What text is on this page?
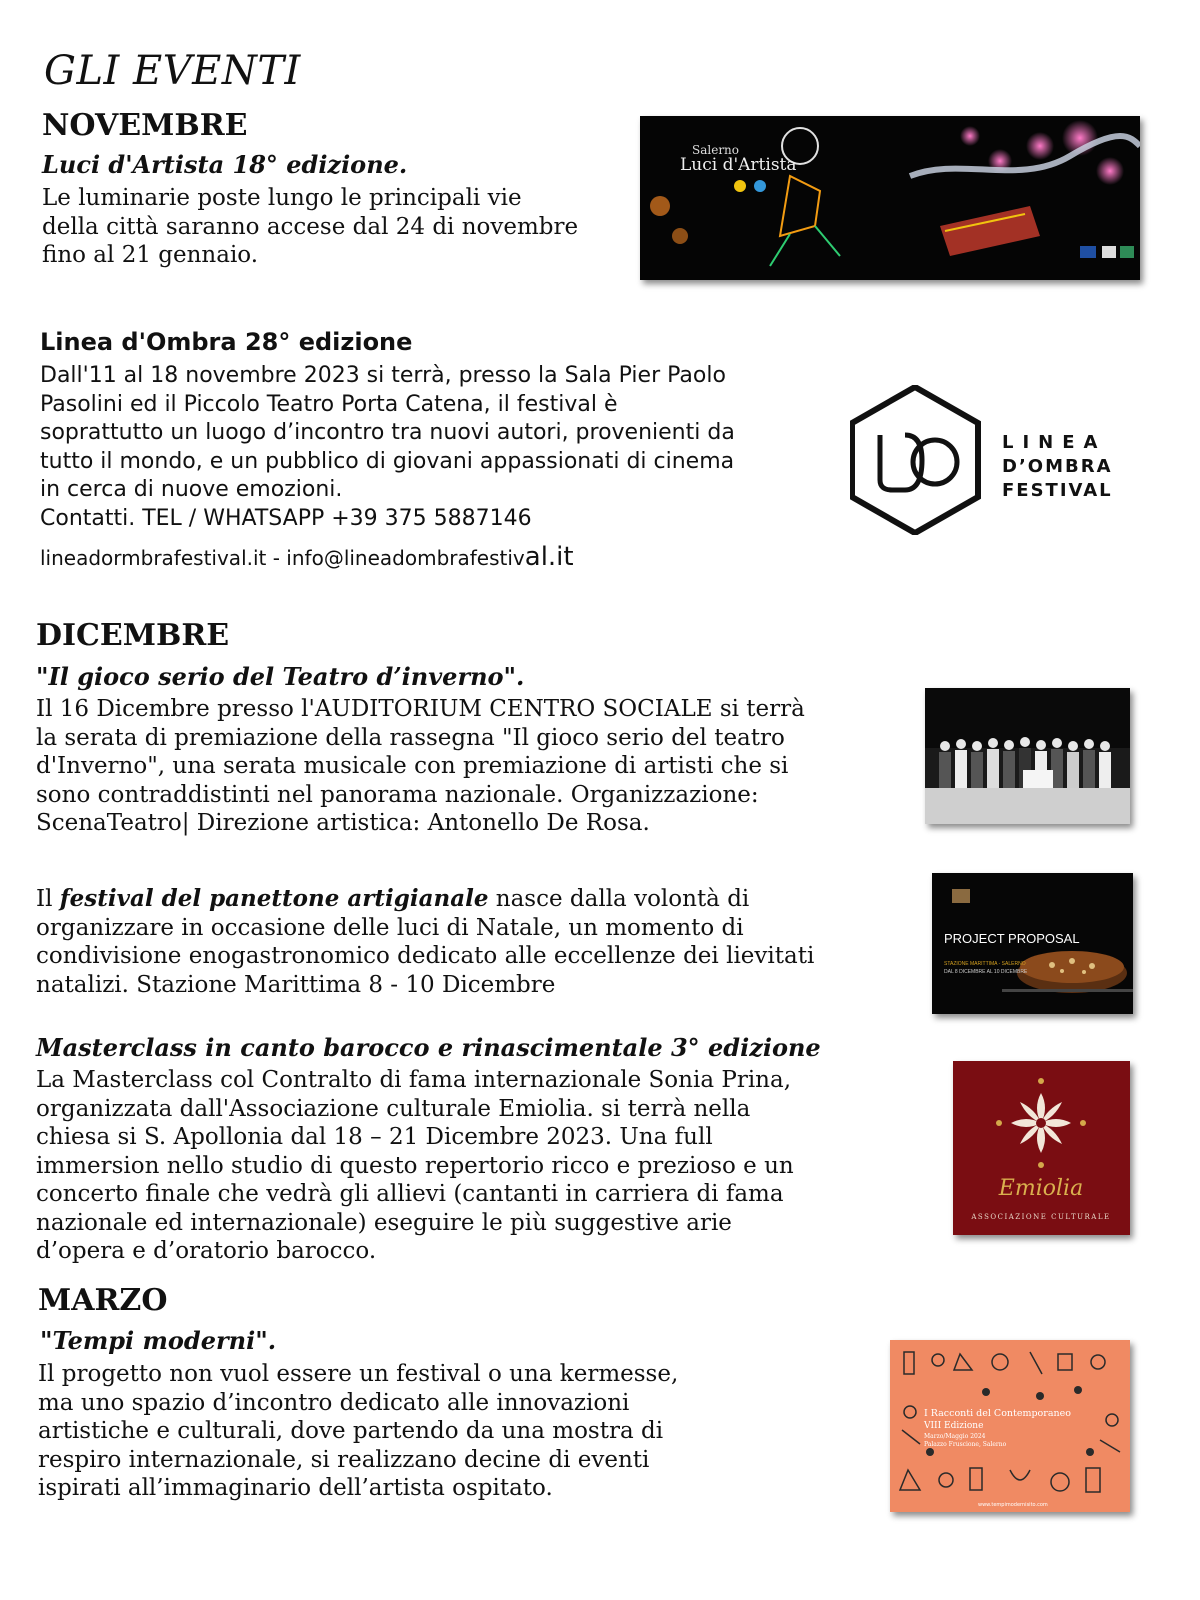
GLI EVENTI
NOVEMBRE
Luci d'Artista 18° edizione.
Le luminarie poste lungo le principali vie
della città saranno accese dal 24 di novembre
fino al 21 gennaio.
Salerno
Luci d'Artista
Linea d'Ombra 28° edizione
Dall'11 al 18 novembre 2023 si terrà, presso la Sala Pier Paolo
Pasolini ed il Piccolo Teatro Porta Catena, il festival è
soprattutto un luogo d’incontro tra nuovi autori, provenienti da
tutto il mondo, e un pubblico di giovani appassionati di cinema
in cerca di nuove emozioni.
Contatti. TEL / WHATSAPP +39 375 5887146
lineadormbrafestival.it - info@lineadombrafestival.it
LINEA
D’OMBRA
FESTIVAL
DICEMBRE
"Il gioco serio del Teatro d’inverno".
Il 16 Dicembre presso l'AUDITORIUM CENTRO SOCIALE si terrà
la serata di premiazione della rassegna "Il gioco serio del teatro
d'Inverno", una serata musicale con premiazione di artisti che si
sono contraddistinti nel panorama nazionale. Organizzazione:
ScenaTeatro| Direzione artistica: Antonello De Rosa.
Il festival del panettone artigianale nasce dalla volontà di
organizzare in occasione delle luci di Natale, un momento di
condivisione enogastronomico dedicato alle eccellenze dei lievitati
natalizi. Stazione Marittima 8 - 10 Dicembre
PROJECT PROPOSAL
STAZIONE MARITTIMA - SALERNO
DAL 8 DICEMBRE AL 10 DICEMBRE
Masterclass in canto barocco e rinascimentale 3° edizione
La Masterclass col Contralto di fama internazionale Sonia Prina,
organizzata dall'Associazione culturale Emiolia. si terrà nella
chiesa si S. Apollonia dal 18 – 21 Dicembre 2023. Una full
immersion nello studio di questo repertorio ricco e prezioso e un
concerto finale che vedrà gli allievi (cantanti in carriera di fama
nazionale ed internazionale) eseguire le più suggestive arie
d’opera e d’oratorio barocco.
Emiolia
ASSOCIAZIONE CULTURALE
MARZO
"Tempi moderni".
Il progetto non vuol essere un festival o una kermesse,
ma uno spazio d’incontro dedicato alle innovazioni
artistiche e culturali, dove partendo da una mostra di
respiro internazionale, si realizzano decine di eventi
ispirati all’immaginario dell’artista ospitato.
I Racconti del Contemporaneo
VIII Edizione
Marzo/Maggio 2024
Palazzo Fruscione, Salerno
www.tempimodernisito.com
